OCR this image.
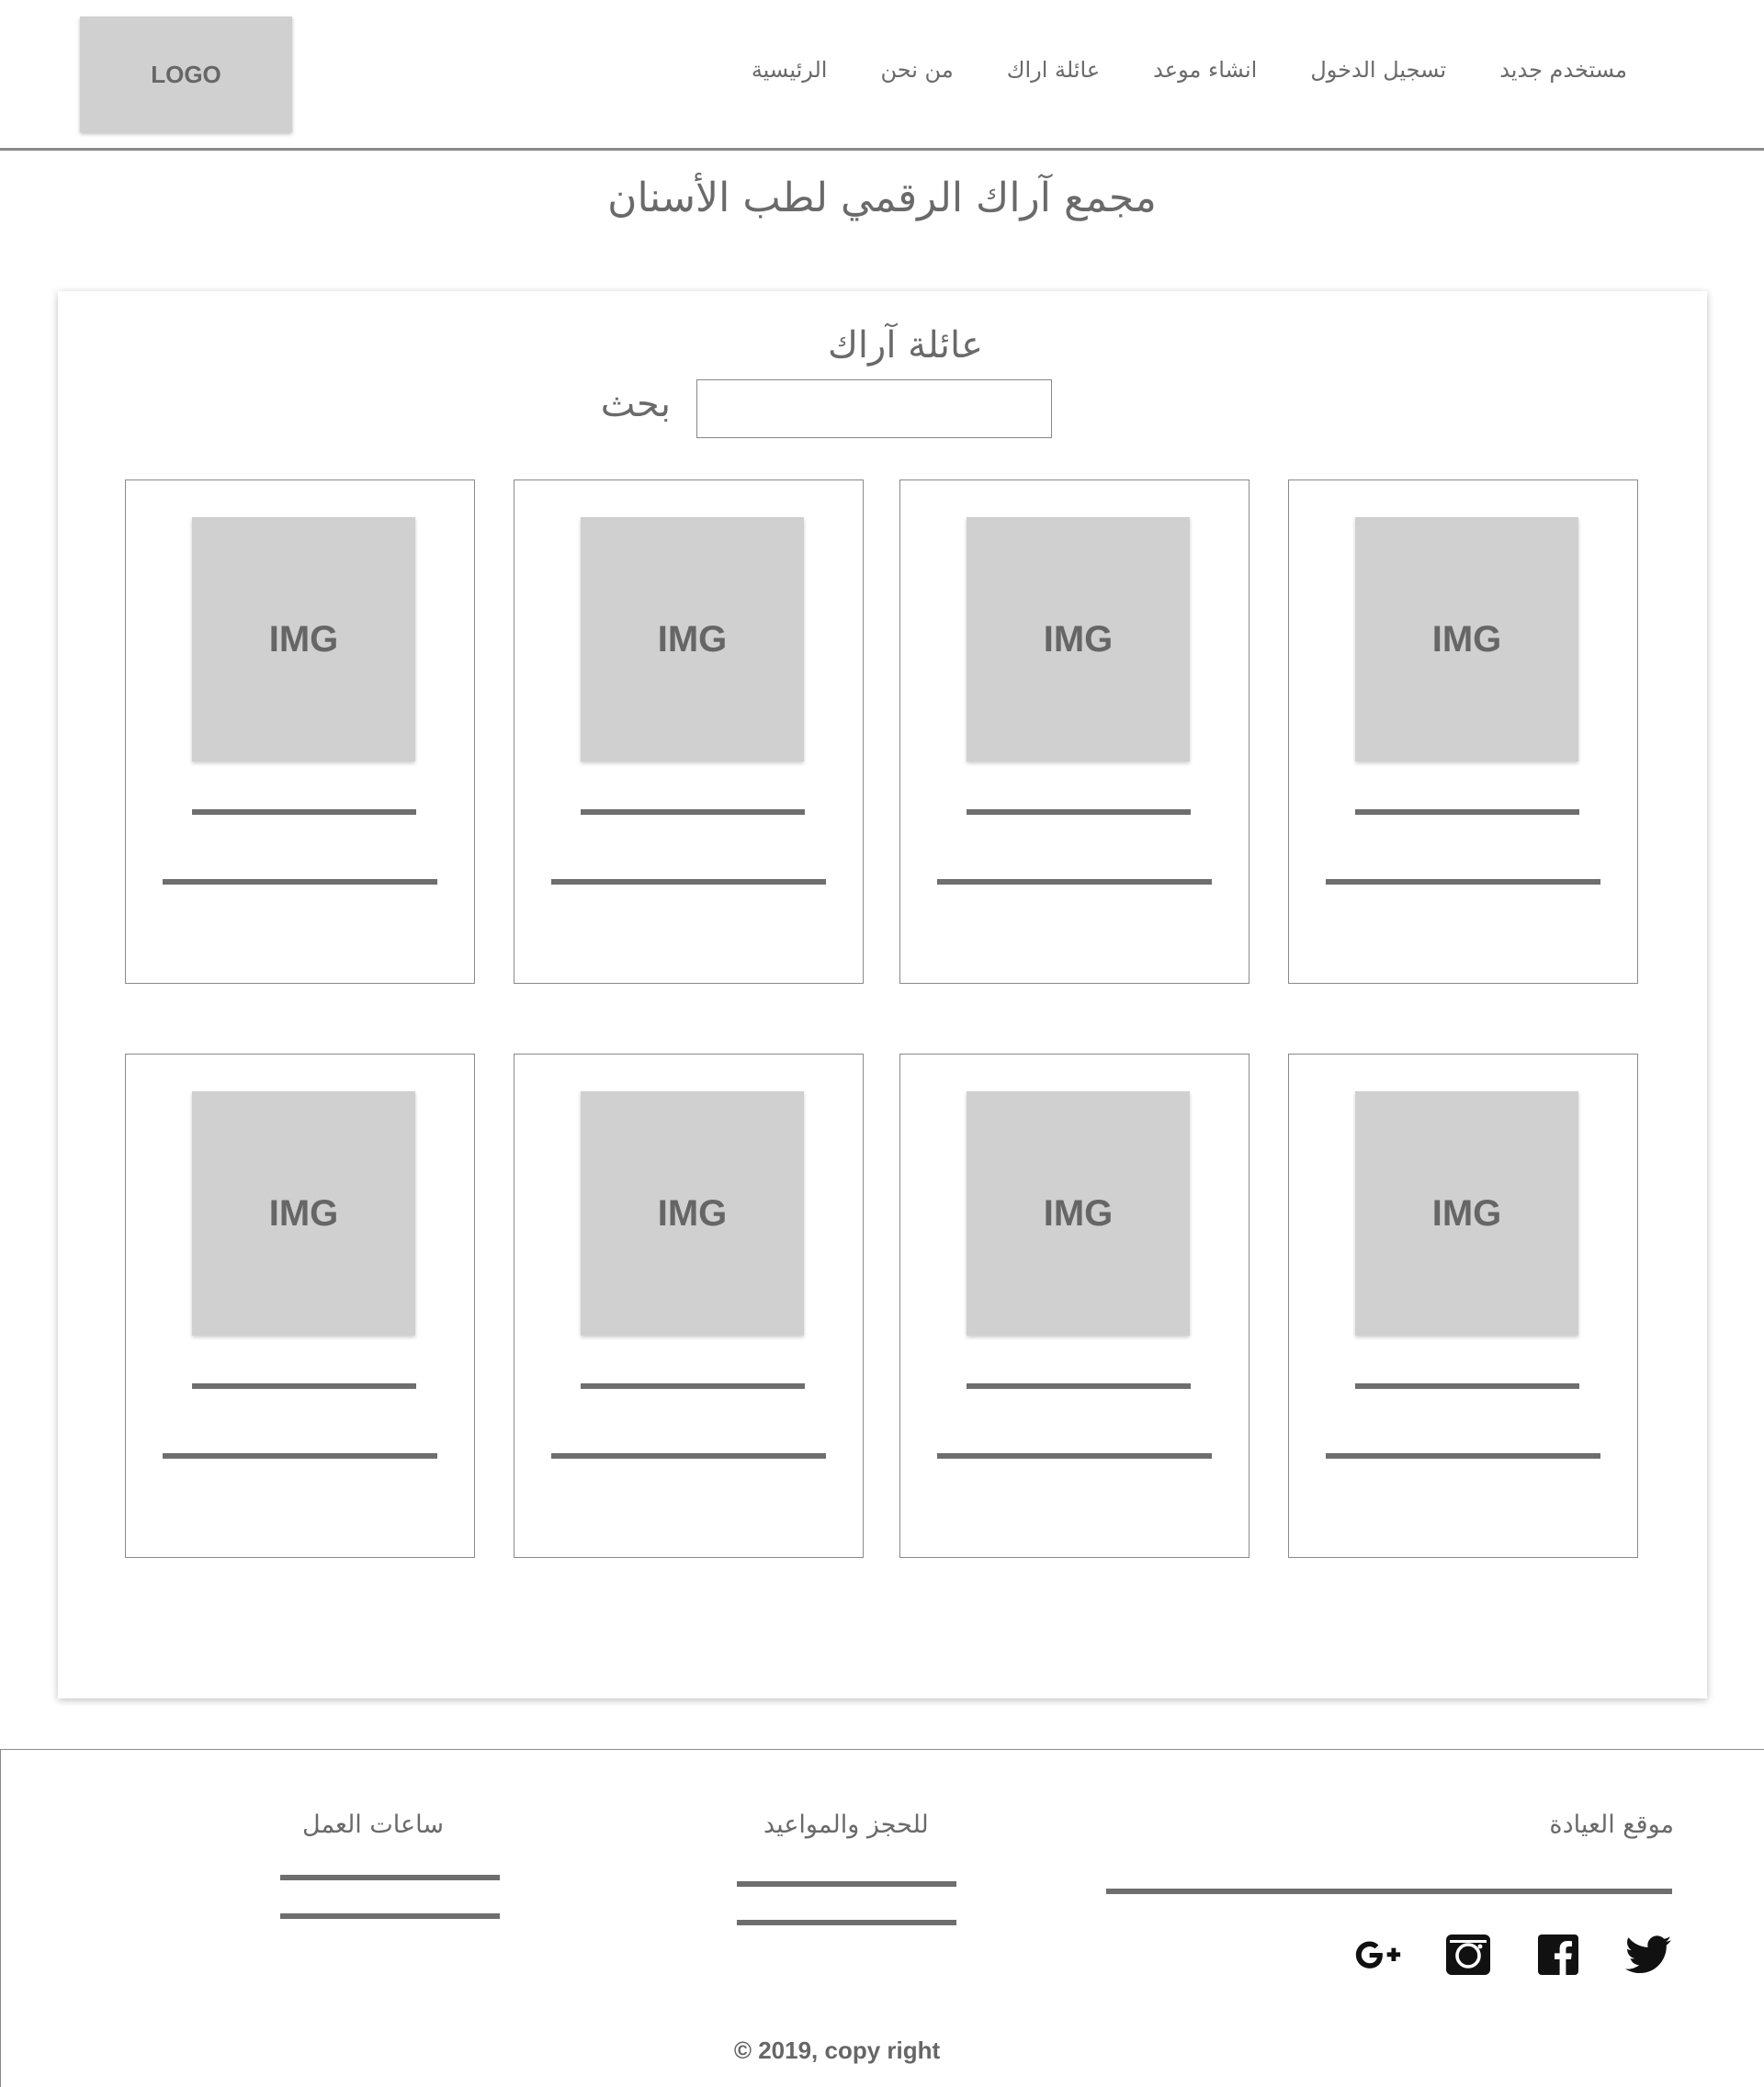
LOGO	الرئيسية من نحن عائلة اراك انشاء موعد تسجيل الدخول مستخدم جديد
مجمع آراك الرقمي لطب الأسنان
عائلة آراك
بحث
IMG	IMG	IMG	IMG
IMG	IMG	IMG	IMG
موقع العيادة
للحجز والمواعيد
ساعات العمل
© 2019, copy right
